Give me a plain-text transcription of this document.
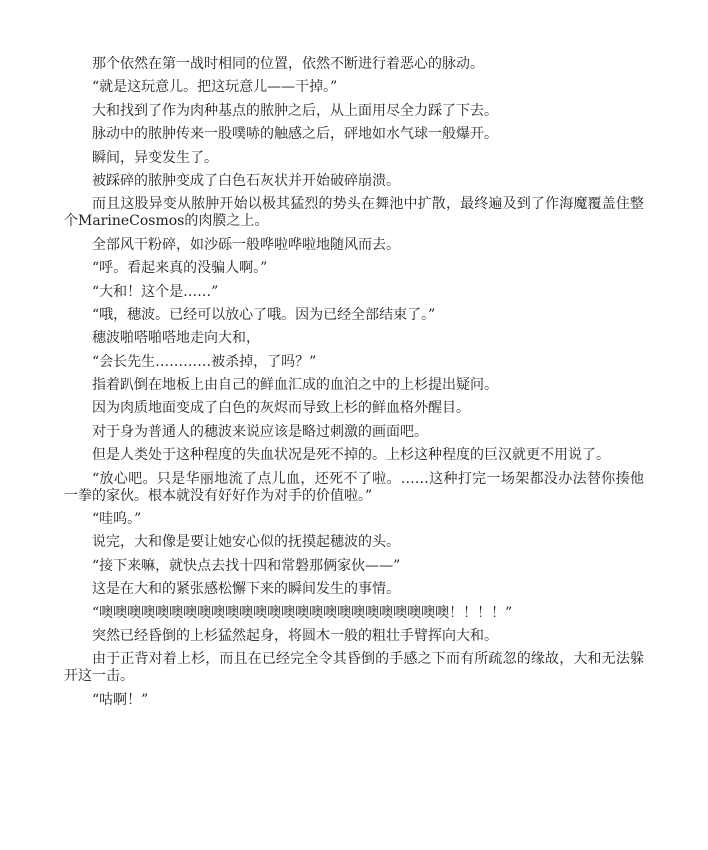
那个依然在第一战时相同的位置，依然不断进行着恶心的脉动。

“就是这玩意儿。把这玩意儿——干掉。”

大和找到了作为肉种基点的脓肿之后，从上面用尽全力踩了下去。

脉动中的脓肿传来一股噗哧的触感之后，砰地如水气球一般爆开。

瞬间，异变发生了。

被踩碎的脓肿变成了白色石灰状并开始破碎崩溃。

而且这股异变从脓肿开始以极其猛烈的势头在舞池中扩散，最终遍及到了作海魔覆盖住整个MarineCosmos的肉膜之上。

全部风干粉碎，如沙砾一般哗啦哗啦地随风而去。

“呼。看起来真的没骗人啊。”

“大和！这个是……”

“哦，穗波。已经可以放心了哦。因为已经全部结束了。”

穗波啪嗒啪嗒地走向大和，

“会长先生…………被杀掉，了吗？”

指着趴倒在地板上由自己的鲜血汇成的血泊之中的上杉提出疑问。

因为肉质地面变成了白色的灰烬而导致上杉的鲜血格外醒目。

对于身为普通人的穗波来说应该是略过刺激的画面吧。

但是人类处于这种程度的失血状况是死不掉的。上杉这种程度的巨汉就更不用说了。

“放心吧。只是华丽地流了点儿血，还死不了啦。……这种打完一场架都没办法替你揍他一拳的家伙。根本就没有好好作为对手的价值啦。”

“哇呜。”

说完，大和像是要让她安心似的抚摸起穗波的头。

“接下来嘛，就快点去找十四和常磐那俩家伙——”

这是在大和的紧张感松懈下来的瞬间发生的事情。

“噢噢噢噢噢噢噢噢噢噢噢噢噢噢噢噢噢噢噢噢噢噢噢噢噢！！！！”

突然已经昏倒的上杉猛然起身，将圆木一般的粗壮手臂挥向大和。

由于正背对着上杉，而且在已经完全令其昏倒的手感之下而有所疏忽的缘故，大和无法躲开这一击。

“咕啊！”
